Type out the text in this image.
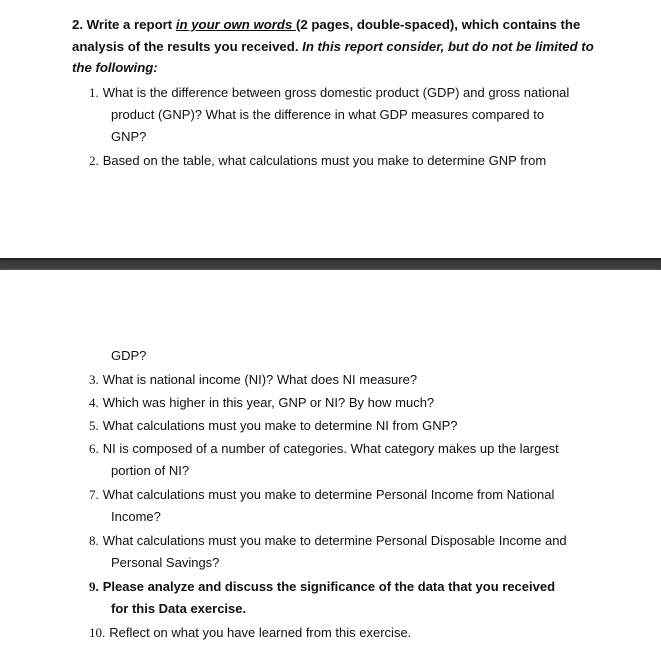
2. Write a report in your own words (2 pages, double-spaced), which contains the analysis of the results you received. In this report consider, but do not be limited to the following:
1. What is the difference between gross domestic product (GDP) and gross national
product (GNP)? What is the difference in what GDP measures compared to
GNP?
2. Based on the table, what calculations must you make to determine GNP from
GDP?
3. What is national income (NI)? What does NI measure?
4. Which was higher in this year, GNP or NI? By how much?
5. What calculations must you make to determine NI from GNP?
6. NI is composed of a number of categories. What category makes up the largest
portion of NI?
7. What calculations must you make to determine Personal Income from National
Income?
8. What calculations must you make to determine Personal Disposable Income and
Personal Savings?
9. Please analyze and discuss the significance of the data that you received
for this Data exercise.
10. Reflect on what you have learned from this exercise.
